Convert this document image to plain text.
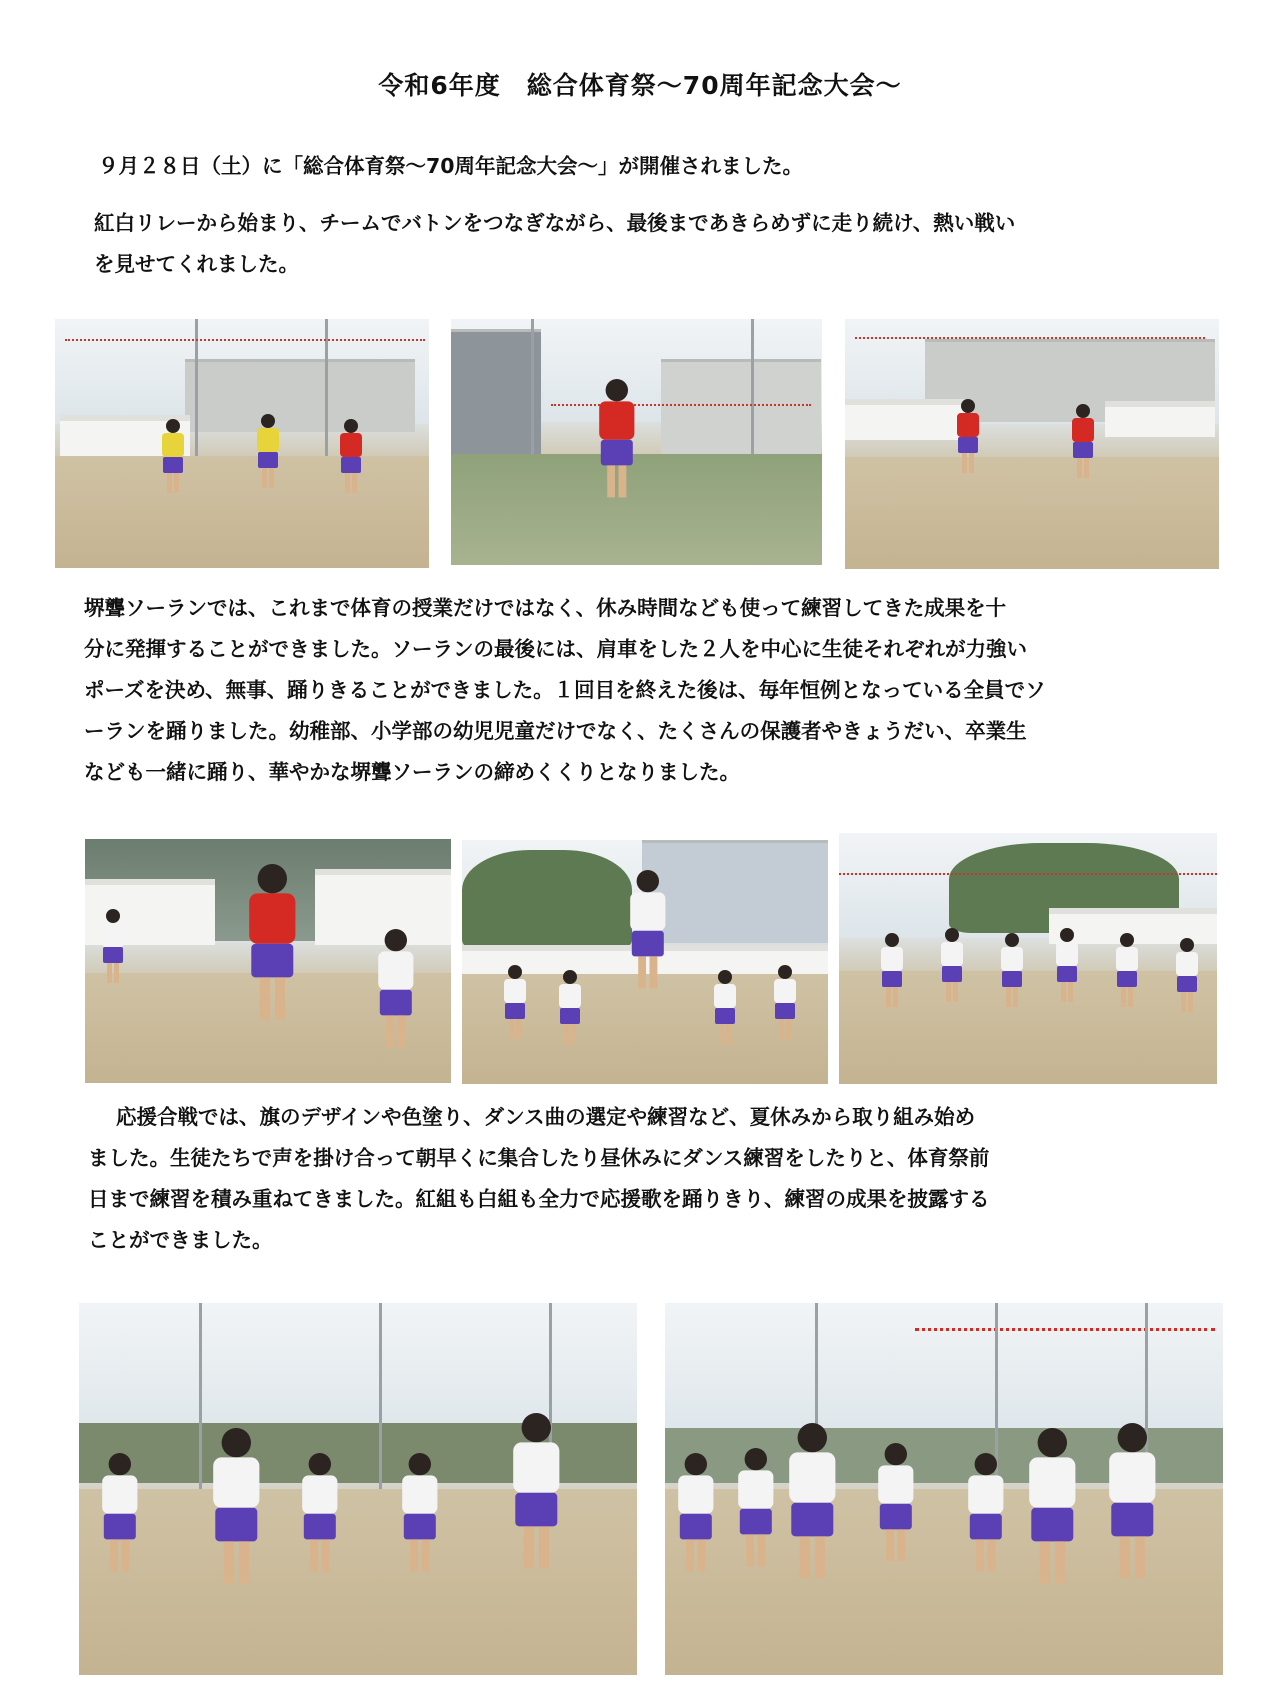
令和6年度　総合体育祭～70周年記念大会～

９月２８日（土）に「総合体育祭～70周年記念大会～」が開催されました。

紅白リレーから始まり、チームでバトンをつなぎながら、最後まであきらめずに走り続け、熱い戦い
を見せてくれました。

堺聾ソーランでは、これまで体育の授業だけではなく、休み時間なども使って練習してきた成果を十
分に発揮することができました。ソーランの最後には、肩車をした２人を中心に生徒それぞれが力強い
ポーズを決め、無事、踊りきることができました。１回目を終えた後は、毎年恒例となっている全員でソ
ーランを踊りました。幼稚部、小学部の幼児児童だけでなく、たくさんの保護者やきょうだい、卒業生
なども一緒に踊り、華やかな堺聾ソーランの締めくくりとなりました。

応援合戦では、旗のデザインや色塗り、ダンス曲の選定や練習など、夏休みから取り組み始め
ました。生徒たちで声を掛け合って朝早くに集合したり昼休みにダンス練習をしたりと、体育祭前
日まで練習を積み重ねてきました。紅組も白組も全力で応援歌を踊りきり、練習の成果を披露する
ことができました。
